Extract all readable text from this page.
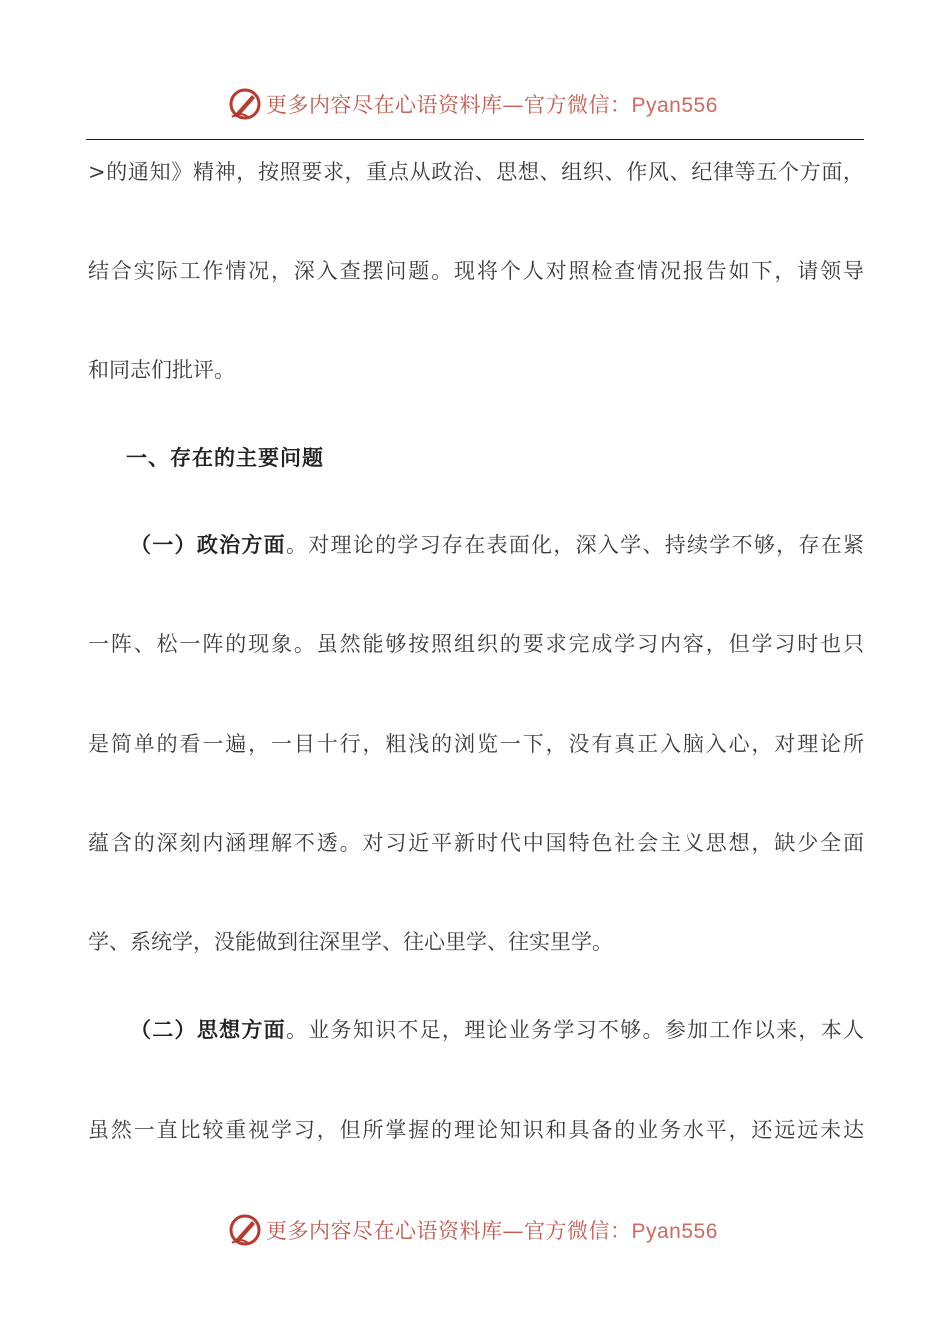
更多内容尽在心语资料库—官方微信：Pyan556
>的通知》精神，按照要求，重点从政治、思想、组织、作风、纪律等五个方面，
结合实际工作情况，深入查摆问题。现将个人对照检查情况报告如下，请领导
和同志们批评。
一、存在的主要问题
（一）政治方面。对理论的学习存在表面化，深入学、持续学不够，存在紧
一阵、松一阵的现象。虽然能够按照组织的要求完成学习内容，但学习时也只
是简单的看一遍，一目十行，粗浅的浏览一下，没有真正入脑入心，对理论所
蕴含的深刻内涵理解不透。对习近平新时代中国特色社会主义思想，缺少全面
学、系统学，没能做到往深里学、往心里学、往实里学。
（二）思想方面。业务知识不足，理论业务学习不够。参加工作以来，本人
虽然一直比较重视学习，但所掌握的理论知识和具备的业务水平，还远远未达
更多内容尽在心语资料库—官方微信：Pyan556
